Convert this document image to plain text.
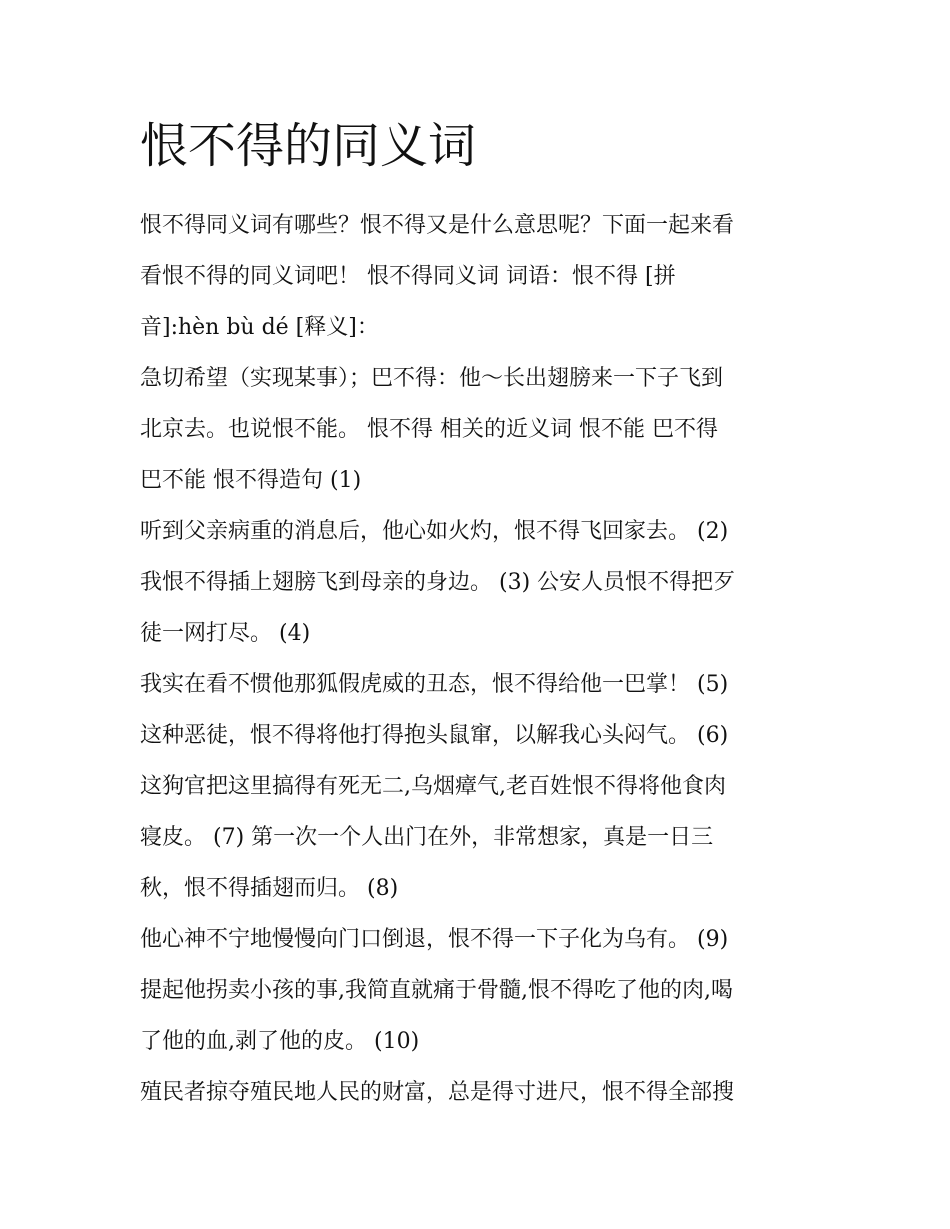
恨不得的同义词
恨不得同义词有哪些？恨不得又是什么意思呢？下面一起来看
看恨不得的同义词吧！ 恨不得同义词 词语：恨不得 [拼
音]:hèn bù dé [释义]：
急切希望（实现某事）；巴不得：他～长出翅膀来一下子飞到
北京去。也说恨不能。 恨不得 相关的近义词 恨不能 巴不得
巴不能 恨不得造句 (1)
听到父亲病重的消息后，他心如火灼，恨不得飞回家去。 (2)
我恨不得插上翅膀飞到母亲的身边。 (3) 公安人员恨不得把歹
徒一网打尽。 (4)
我实在看不惯他那狐假虎威的丑态，恨不得给他一巴掌！ (5)
这种恶徒，恨不得将他打得抱头鼠窜，以解我心头闷气。 (6)
这狗官把这里搞得有死无二,乌烟瘴气,老百姓恨不得将他食肉
寝皮。 (7) 第一次一个人出门在外，非常想家，真是一日三
秋，恨不得插翅而归。 (8)
他心神不宁地慢慢向门口倒退，恨不得一下子化为乌有。 (9)
提起他拐卖小孩的事,我简直就痛于骨髓,恨不得吃了他的肉,喝
了他的血,剥了他的皮。 (10)
殖民者掠夺殖民地人民的财富，总是得寸进尺，恨不得全部搜
